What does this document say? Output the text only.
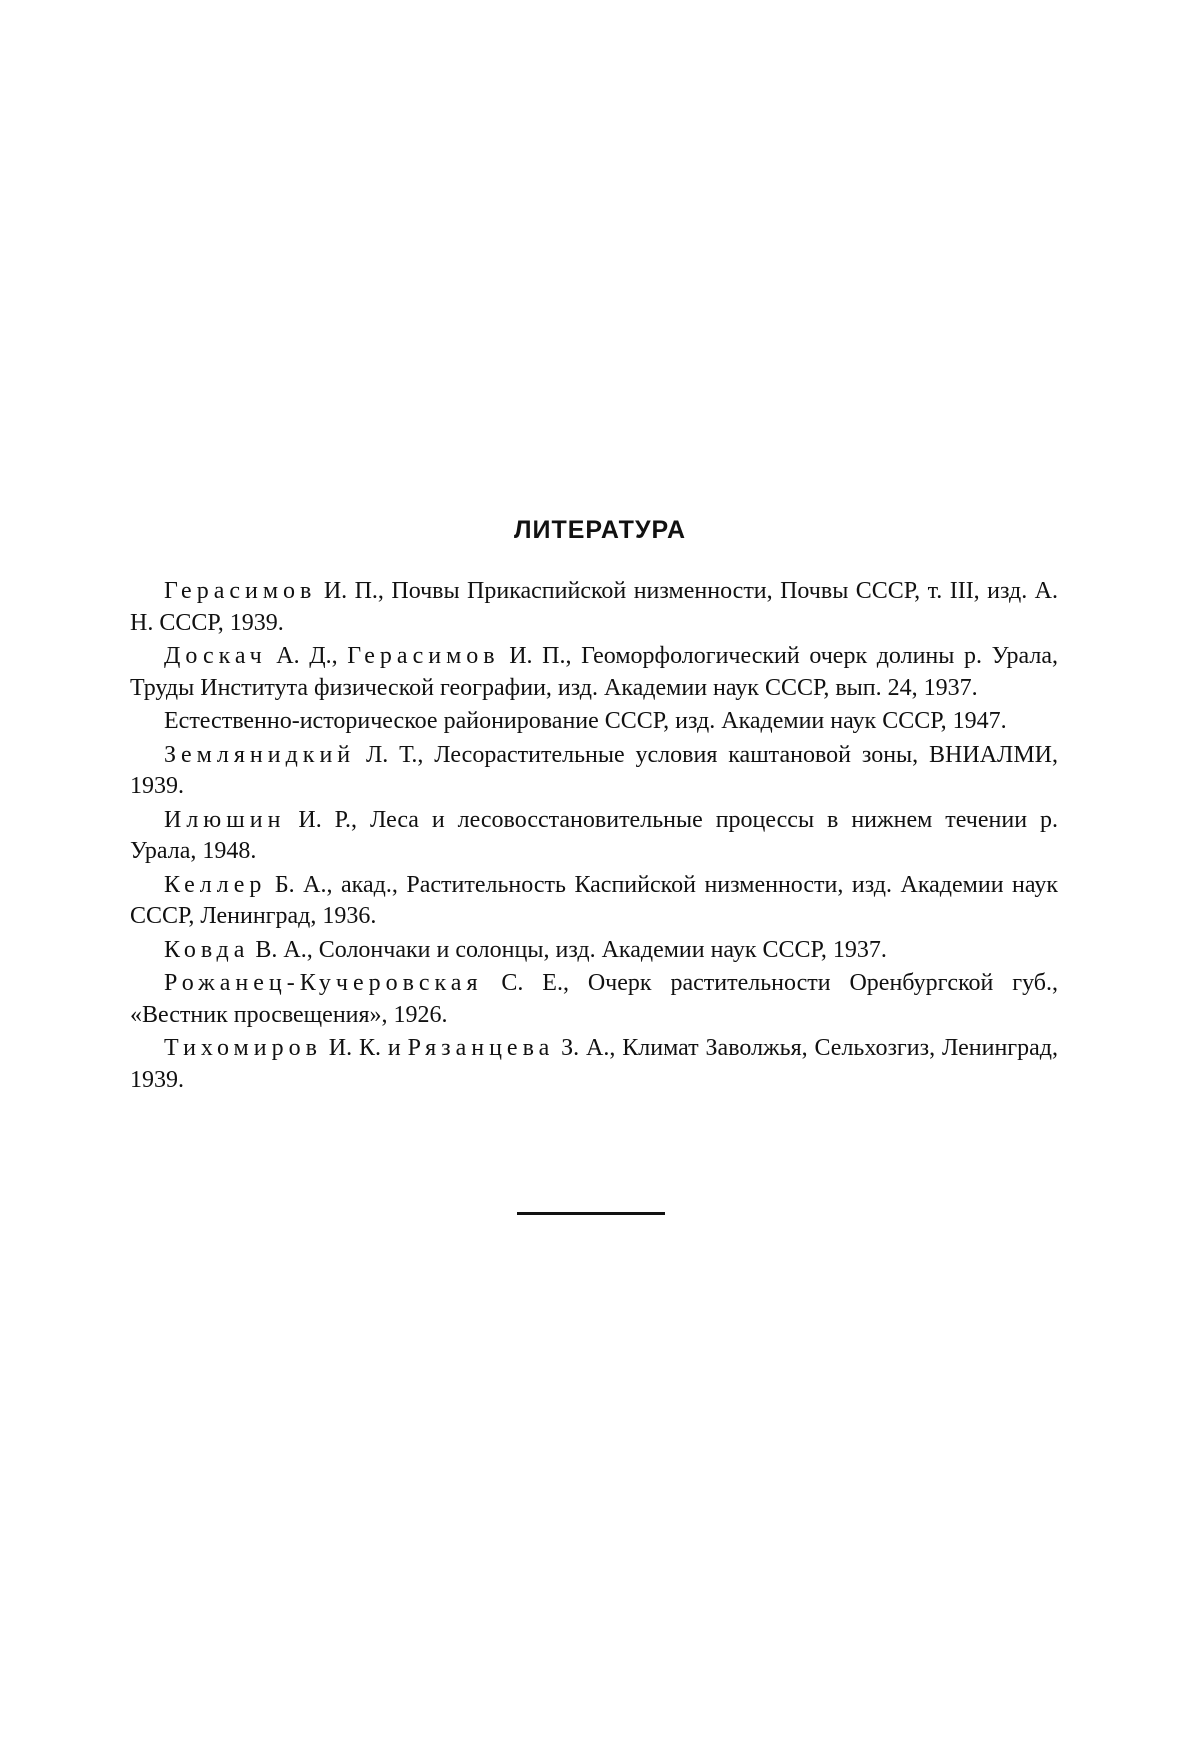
ЛИТЕРАТУРА

Герасимов И. П., Почвы Прикаспийской низменности, Почвы СССР, т. III, изд. А. Н. СССР, 1939.

Доскач А. Д., Герасимов И. П., Геоморфологический очерк долины р. Урала, Труды Института физической географии, изд. Академии наук СССР, вып. 24, 1937.

Естественно-историческое районирование СССР, изд. Академии наук СССР, 1947.

Землянидкий Л. Т., Лесорастительные условия каштановой зоны, ВНИАЛМИ, 1939.

Илюшин И. Р., Леса и лесовосстановительные процессы в нижнем течении р. Урала, 1948.

Келлер Б. А., акад., Растительность Каспийской низменности, изд. Академии наук СССР, Ленинград, 1936.

Ковда В. А., Солончаки и солонцы, изд. Академии наук СССР, 1937.

Рожанец-Кучеровская С. Е., Очерк растительности Оренбургской губ., «Вестник просвещения», 1926.

Тихомиров И. К. и Рязанцева З. А., Климат Заволжья, Сельхозгиз, Ленинград, 1939.
